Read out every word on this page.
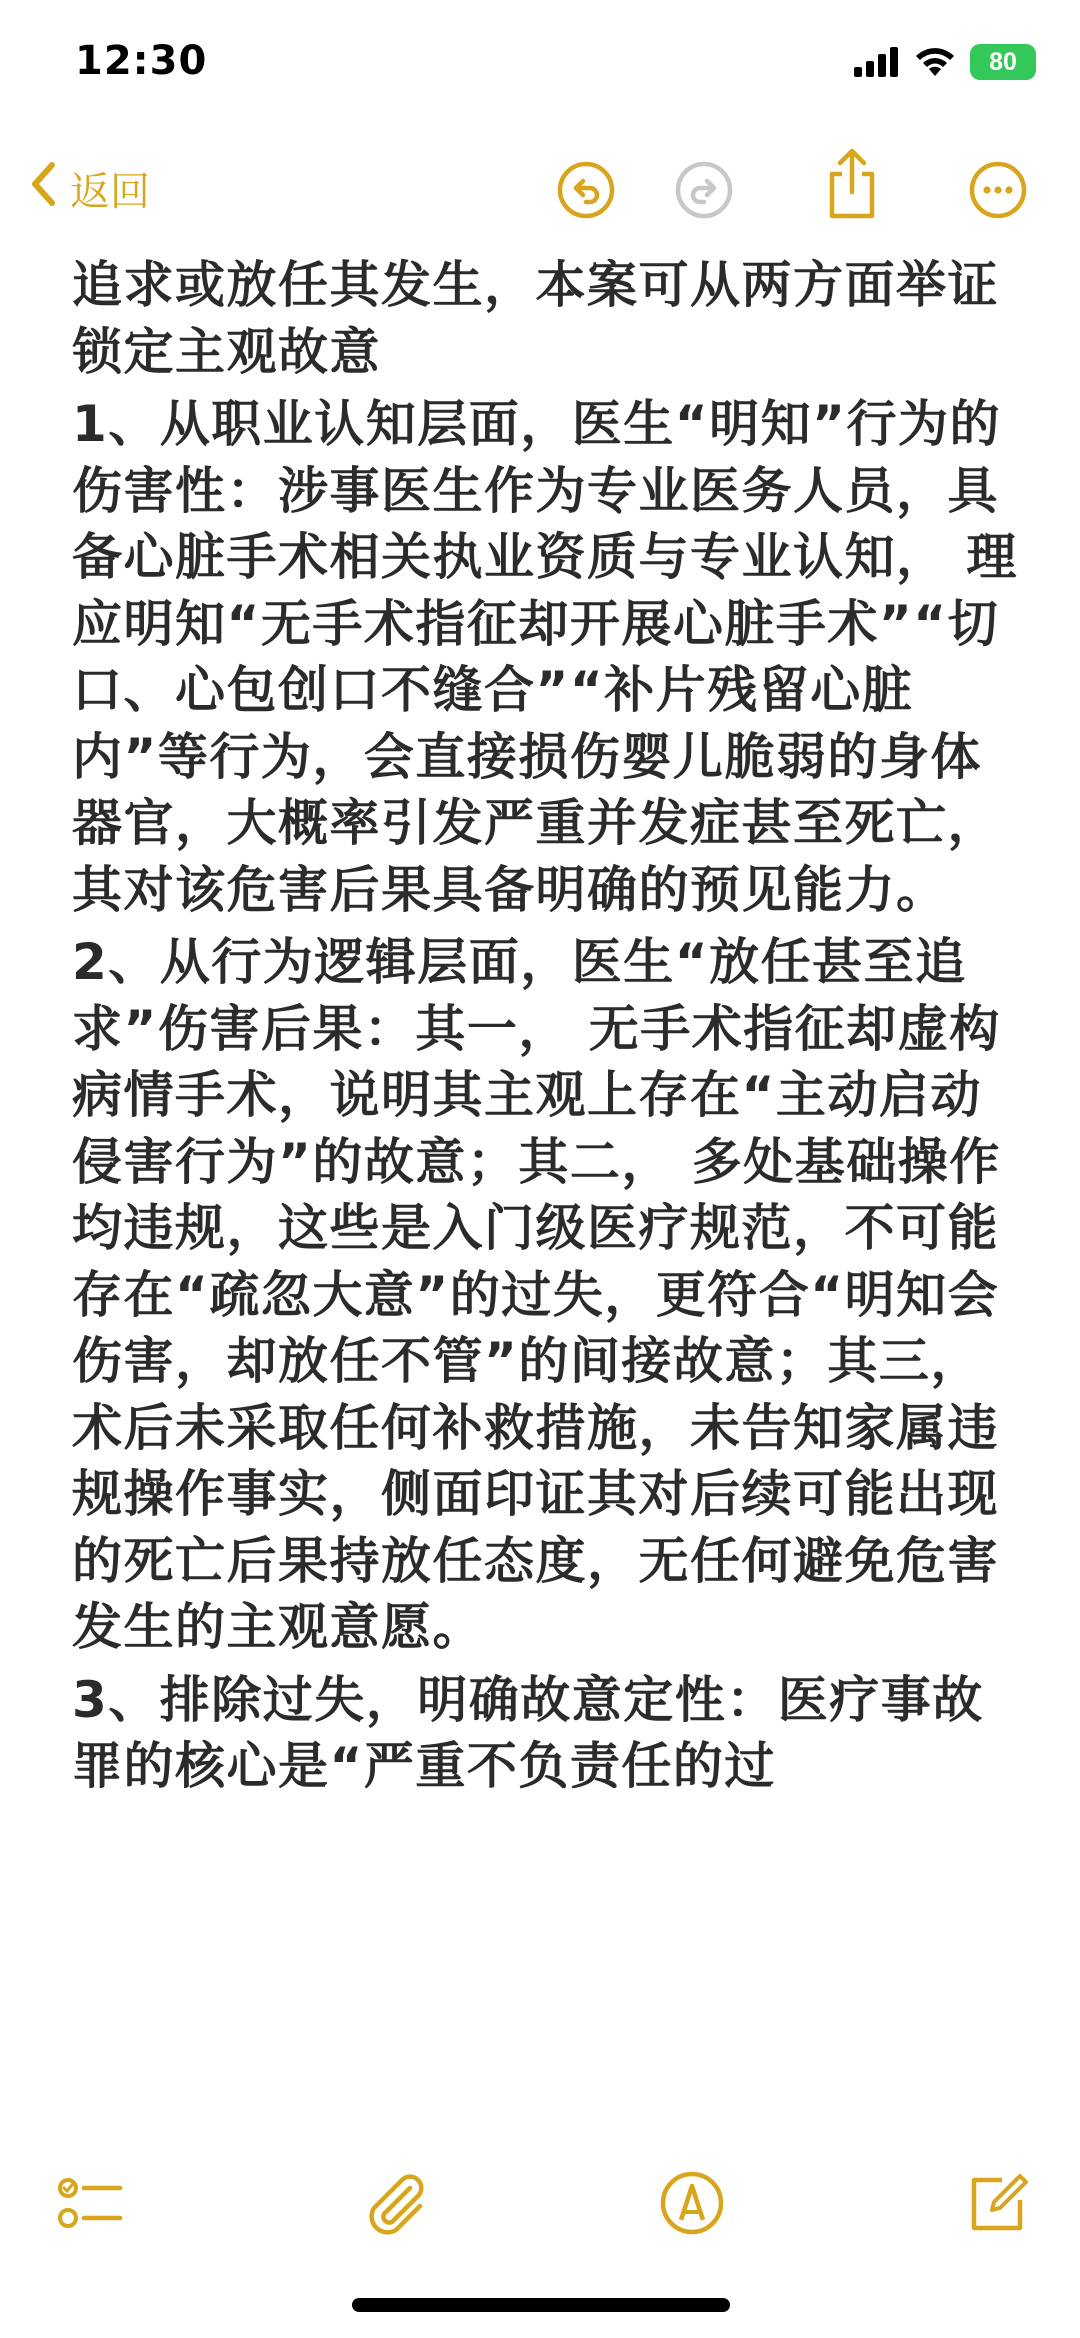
12:30	80
返回

追求或放任其发生，本案可从两方面举证锁定主观故意

1、从职业认知层面，医生“明知”行为的伤害性：涉事医生作为专业医务人员，具备心脏手术相关执业资质与专业认知， 理应明知“无手术指征却开展心脏手术”“切口、心包创口不缝合”“补片残留心脏内”等行为，会直接损伤婴儿脆弱的身体器官，大概率引发严重并发症甚至死亡，其对该危害后果具备明确的预见能力。

2、从行为逻辑层面，医生“放任甚至追求”伤害后果：其一， 无手术指征却虚构病情手术，说明其主观上存在“主动启动侵害行为”的故意；其二， 多处基础操作均违规，这些是入门级医疗规范，不可能存在“疏忽大意”的过失，更符合“明知会伤害，却放任不管”的间接故意；其三， 术后未采取任何补救措施，未告知家属违规操作事实，侧面印证其对后续可能出现的死亡后果持放任态度，无任何避免危害发生的主观意愿。

3、排除过失，明确故意定性：医疗事故罪的核心是“严重不负责任的过
